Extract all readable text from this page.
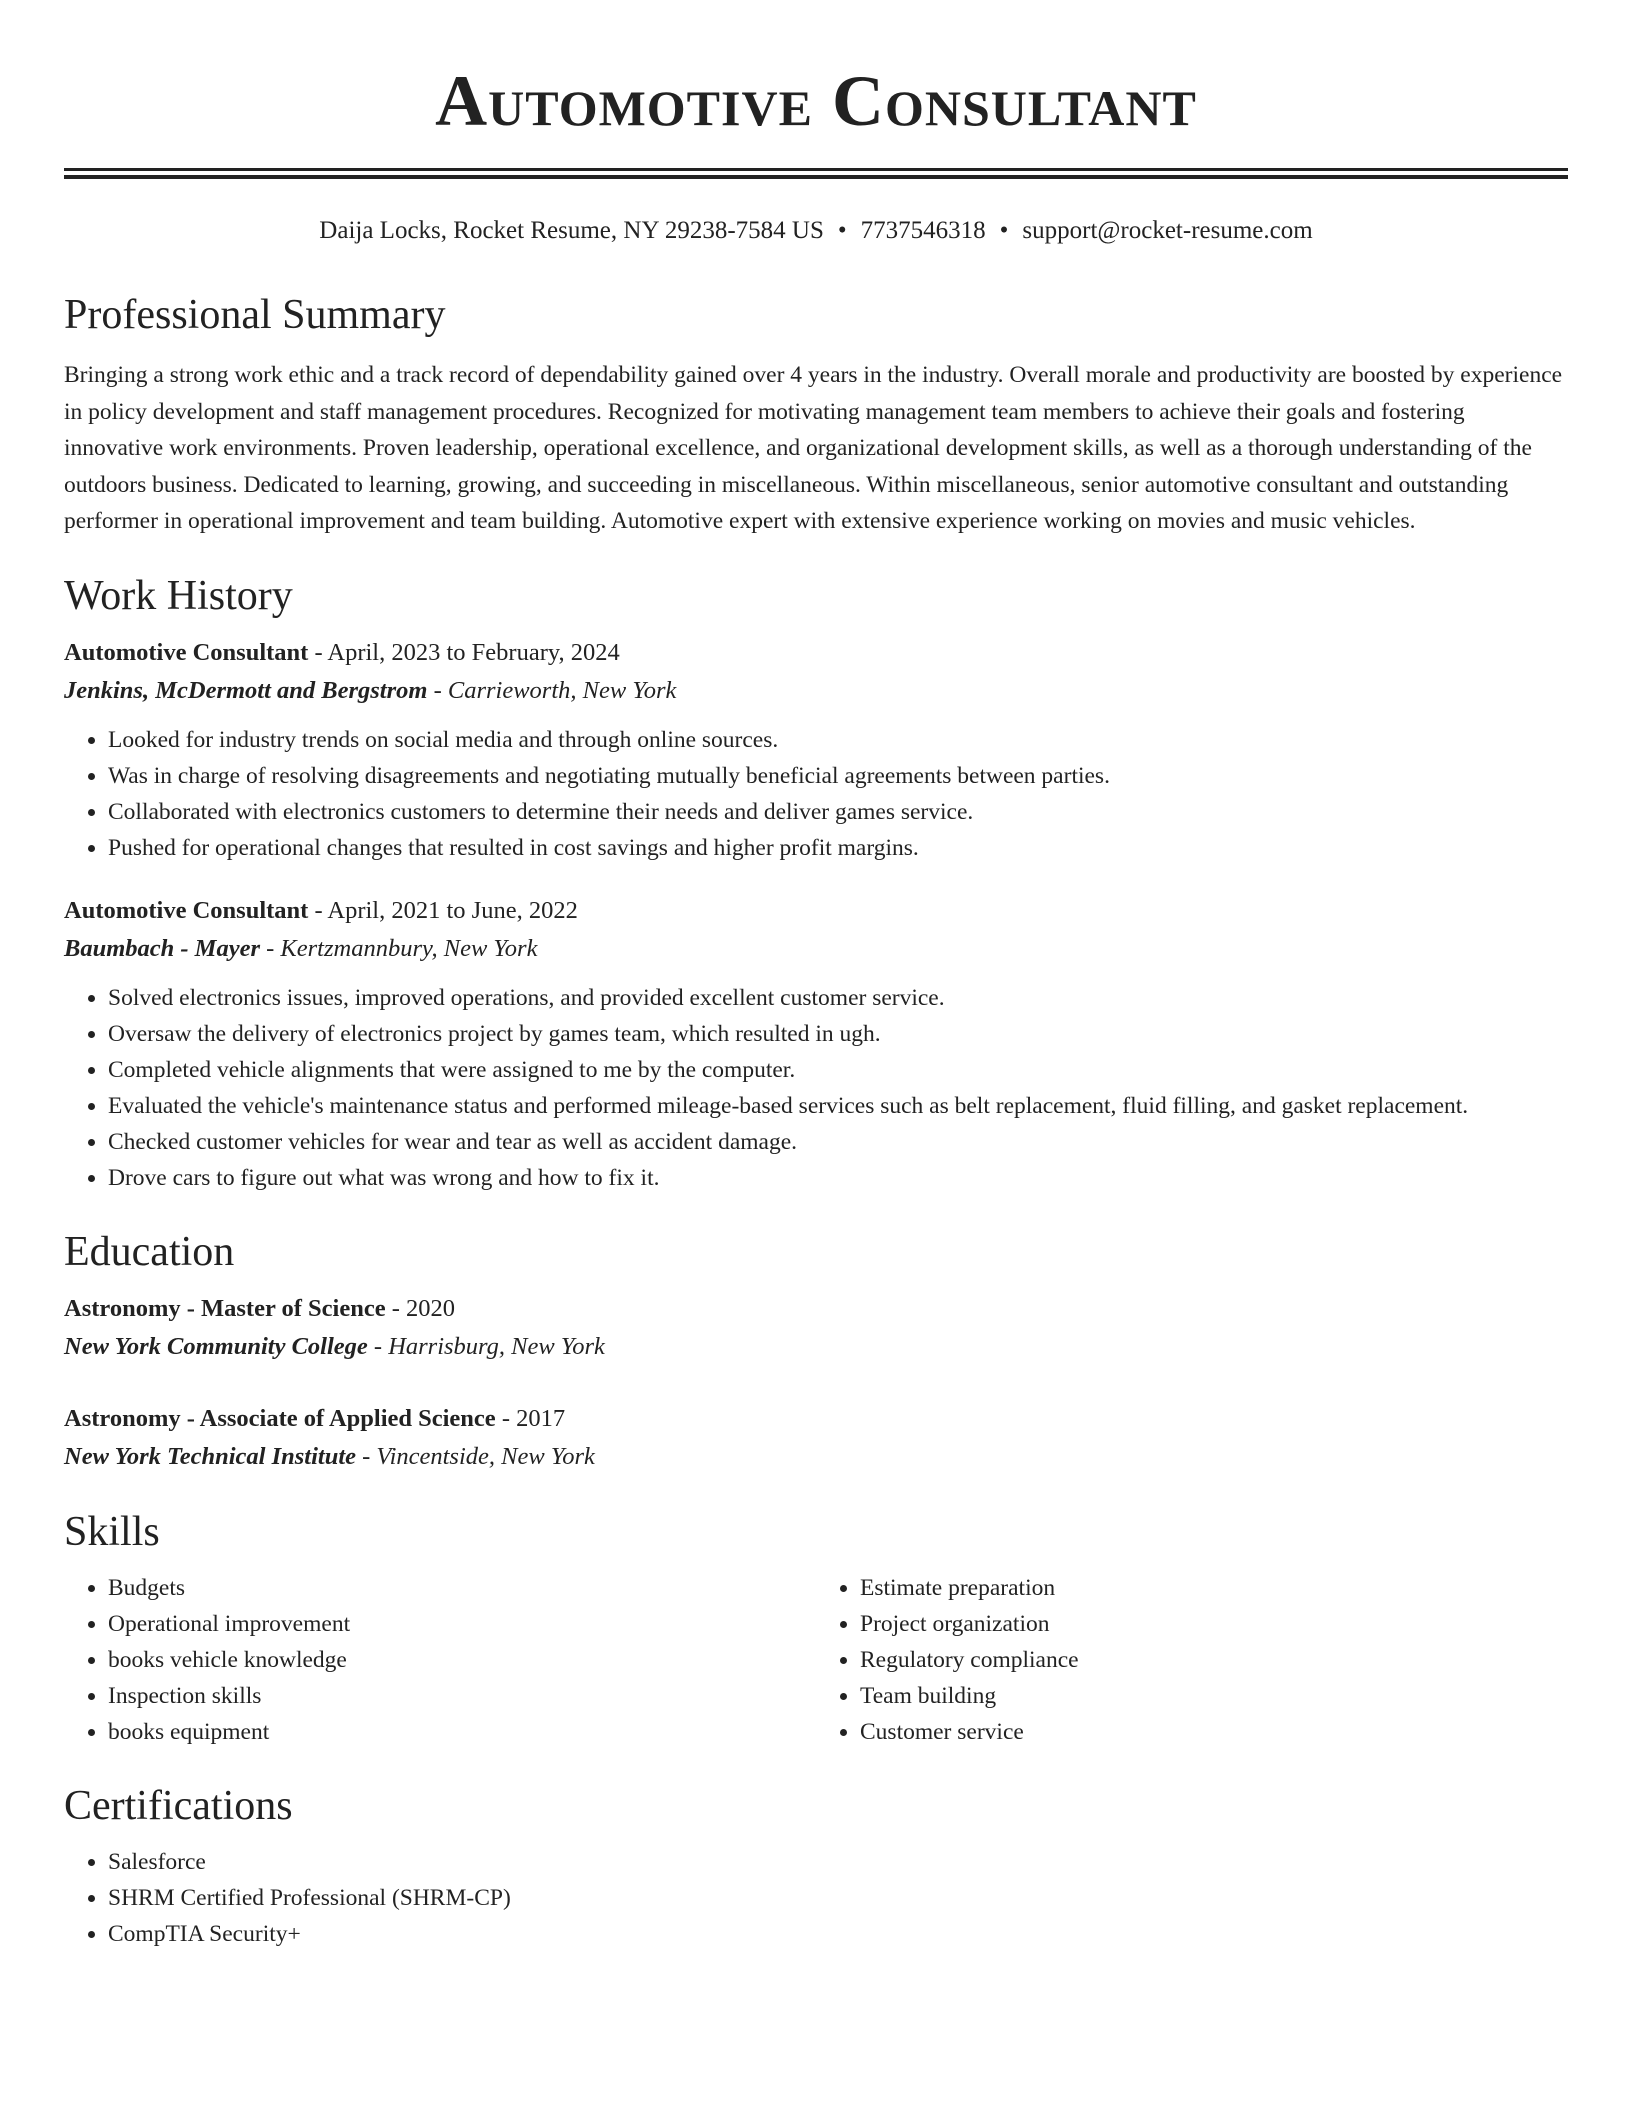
Automotive Consultant
Daija Locks, Rocket Resume, NY 29238-7584 US • 7737546318 • support@rocket-resume.com
Professional Summary

Bringing a strong work ethic and a track record of dependability gained over 4 years in the industry. Overall morale and productivity are boosted by experience in policy development and staff management procedures. Recognized for motivating management team members to achieve their goals and fostering innovative work environments. Proven leadership, operational excellence, and organizational development skills, as well as a thorough understanding of the outdoors business. Dedicated to learning, growing, and succeeding in miscellaneous. Within miscellaneous, senior automotive consultant and outstanding performer in operational improvement and team building. Automotive expert with extensive experience working on movies and music vehicles.

Work History

Automotive Consultant - April, 2023 to February, 2024

Jenkins, McDermott and Bergstrom - Carrieworth, New York

• Looked for industry trends on social media and through online sources.
• Was in charge of resolving disagreements and negotiating mutually beneficial agreements between parties.
• Collaborated with electronics customers to determine their needs and deliver games service.
• Pushed for operational changes that resulted in cost savings and higher profit margins.

Automotive Consultant - April, 2021 to June, 2022

Baumbach - Mayer - Kertzmannbury, New York

• Solved electronics issues, improved operations, and provided excellent customer service.
• Oversaw the delivery of electronics project by games team, which resulted in ugh.
• Completed vehicle alignments that were assigned to me by the computer.
• Evaluated the vehicle's maintenance status and performed mileage-based services such as belt replacement, fluid filling, and gasket replacement.
• Checked customer vehicles for wear and tear as well as accident damage.
• Drove cars to figure out what was wrong and how to fix it.
Education

Astronomy - Master of Science - 2020

New York Community College - Harrisburg, New York

Astronomy - Associate of Applied Science - 2017

New York Technical Institute - Vincentside, New York

Skills
• Budgets
• Operational improvement
• books vehicle knowledge
• Inspection skills
• books equipment
• Estimate preparation
• Project organization
• Regulatory compliance
• Team building
• Customer service
Certifications
• Salesforce
• SHRM Certified Professional (SHRM-CP)
• CompTIA Security+
